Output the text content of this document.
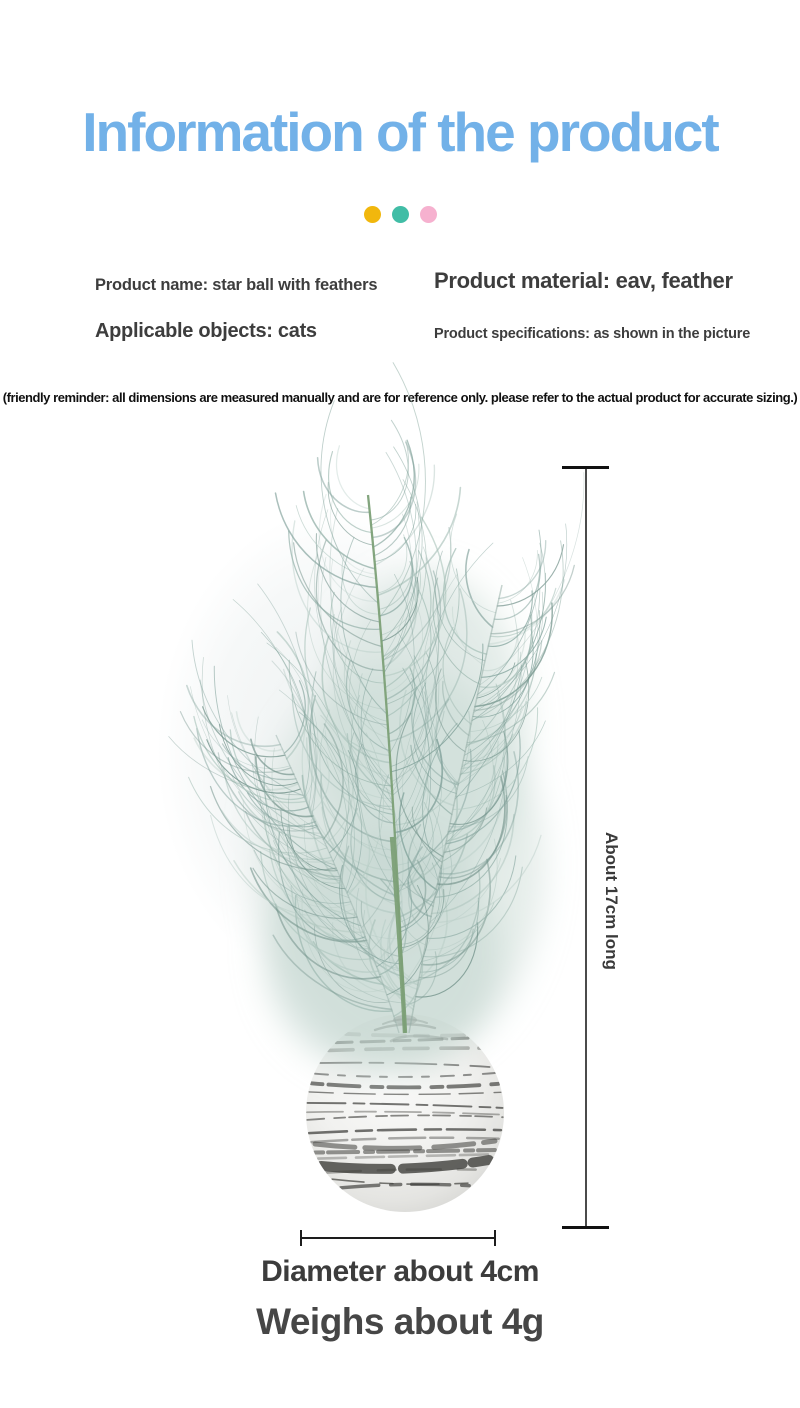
Information of the product
Product name: star ball with feathers	Product material: eav, feather
Applicable objects: cats	Product specifications: as shown in the picture
(friendly reminder: all dimensions are measured manually and are for reference only. please refer to the actual product for accurate sizing.)
About 17cm long
Diameter about 4cm
Weighs about 4g
